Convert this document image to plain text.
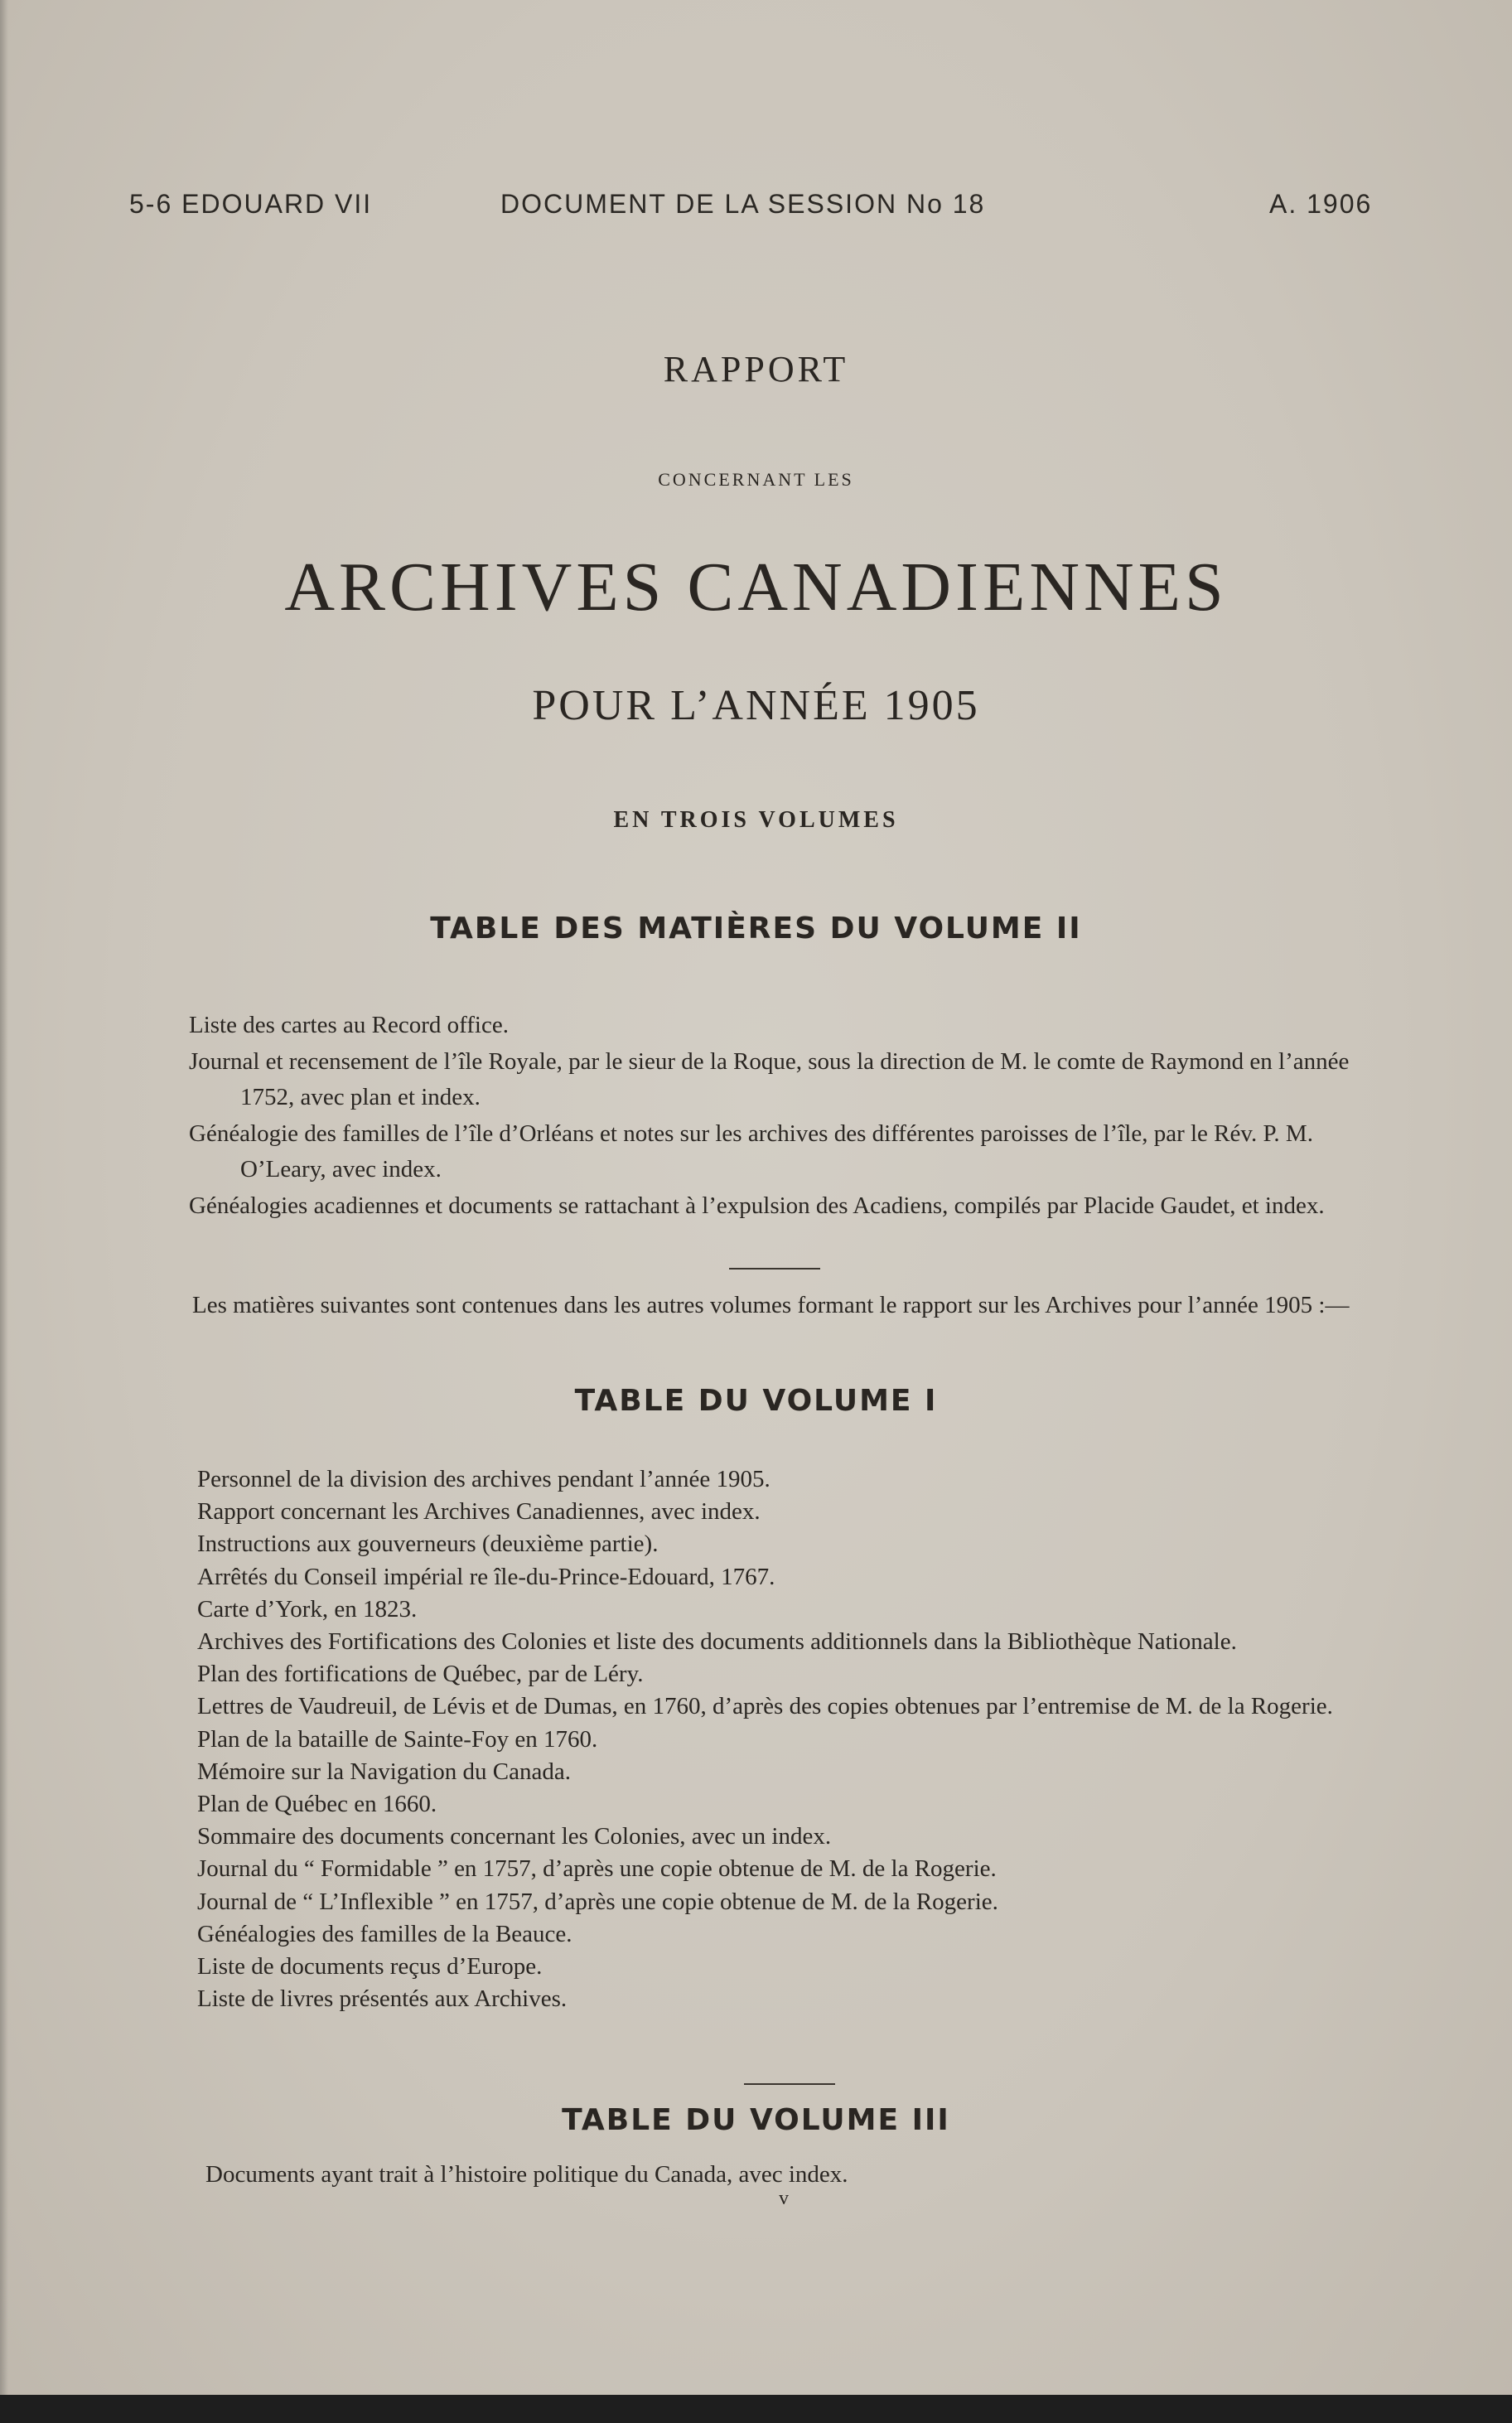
5-6 EDOUARD VII	DOCUMENT DE LA SESSION No 18	A. 1906
RAPPORT
CONCERNANT LES
ARCHIVES CANADIENNES
POUR L’ANNÉE 1905
EN TROIS VOLUMES
TABLE DES MATIÈRES DU VOLUME II
Liste des cartes au Record office.
Journal et recensement de l’île Royale, par le sieur de la Roque, sous la direction de M. le comte de Raymond en l’année 1752, avec plan et index.
Généalogie des familles de l’île d’Orléans et notes sur les archives des différentes paroisses de l’île, par le Rév. P. M. O’Leary, avec index.
Généalogies acadiennes et documents se rattachant à l’expulsion des Acadiens, compilés par Placide Gaudet, et index.
Les matières suivantes sont contenues dans les autres volumes formant le rapport sur les Archives pour l’année 1905 :—
TABLE DU VOLUME I
Personnel de la division des archives pendant l’année 1905.
Rapport concernant les Archives Canadiennes, avec index.
Instructions aux gouverneurs (deuxième partie).
Arrêtés du Conseil impérial re île-du-Prince-Edouard, 1767.
Carte d’York, en 1823.
Archives des Fortifications des Colonies et liste des documents additionnels dans la Bibliothèque Nationale.
Plan des fortifications de Québec, par de Léry.
Lettres de Vaudreuil, de Lévis et de Dumas, en 1760, d’après des copies obtenues par l’entremise de M. de la Rogerie.
Plan de la bataille de Sainte-Foy en 1760.
Mémoire sur la Navigation du Canada.
Plan de Québec en 1660.
Sommaire des documents concernant les Colonies, avec un index.
Journal du “ Formidable ” en 1757, d’après une copie obtenue de M. de la Rogerie.
Journal de “ L’Inflexible ” en 1757, d’après une copie obtenue de M. de la Rogerie.
Généalogies des familles de la Beauce.
Liste de documents reçus d’Europe.
Liste de livres présentés aux Archives.
TABLE DU VOLUME III
Documents ayant trait à l’histoire politique du Canada, avec index.
v
